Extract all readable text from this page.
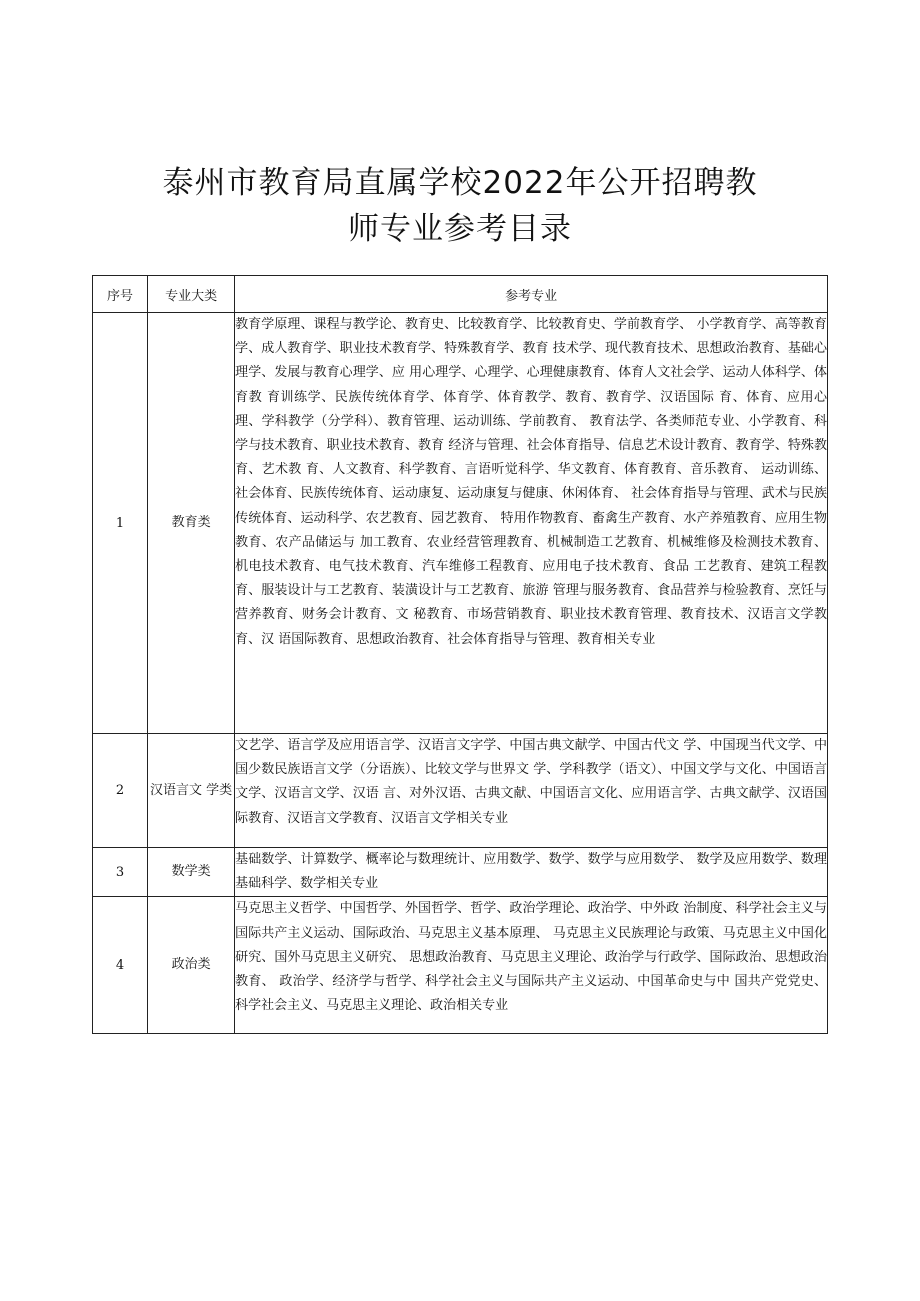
泰州市教育局直属学校2022年公开招聘教
师专业参考目录
序号	专业大类	参考专业
1	教育类	教育学原理、课程与教学论、教育史、比较教育学、比较教育史、学前教育学、 小学教育学、高等教育学、成人教育学、职业技术教育学、特殊教育学、教育 技术学、现代教育技术、思想政治教育、基础心理学、发展与教育心理学、应 用心理学、心理学、心理健康教育、体育人文社会学、运动人体科学、体育教 育训练学、民族传统体育学、体育学、体育教学、教育、教育学、汉语国际 育、体育、应用心理、学科教学（分学科）、教育管理、运动训练、学前教育、 教育法学、各类师范专业、小学教育、科学与技术教育、职业技术教育、教育 经济与管理、社会体育指导、信息艺术设计教育、教育学、特殊教育、艺术教 育、人文教育、科学教育、言语听觉科学、华文教育、体育教育、音乐教育、 运动训练、社会体育、民族传统体育、运动康复、运动康复与健康、休闲体育、 社会体育指导与管理、武术与民族传统体育、运动科学、农艺教育、园艺教育、 特用作物教育、畜禽生产教育、水产养殖教育、应用生物教育、农产品储运与 加工教育、农业经营管理教育、机械制造工艺教育、机械维修及检测技术教育、 机电技术教育、电气技术教育、汽车维修工程教育、应用电子技术教育、食品 工艺教育、建筑工程教育、服装设计与工艺教育、装潢设计与工艺教育、旅游 管理与服务教育、食品营养与检验教育、烹饪与营养教育、财务会计教育、文 秘教育、市场营销教育、职业技术教育管理、教育技术、汉语言文学教育、汉 语国际教育、思想政治教育、社会体育指导与管理、教育相关专业
2	汉语言文 学类	文艺学、语言学及应用语言学、汉语言文字学、中国古典文献学、中国古代文 学、中国现当代文学、中国少数民族语言文学（分语族）、比较文学与世界文 学、学科教学（语文）、中国文学与文化、中国语言文学、汉语言文学、汉语 言、对外汉语、古典文献、中国语言文化、应用语言学、古典文献学、汉语国 际教育、汉语言文学教育、汉语言文学相关专业
3	数学类	基础数学、计算数学、概率论与数理统计、应用数学、数学、数学与应用数学、 数学及应用数学、数理基础科学、数学相关专业
4	政治类	马克思主义哲学、中国哲学、外国哲学、哲学、政治学理论、政治学、中外政 治制度、科学社会主义与国际共产主义运动、国际政治、马克思主义基本原理、 马克思主义民族理论与政策、马克思主义中国化研究、国外马克思主义研究、 思想政治教育、马克思主义理论、政治学与行政学、国际政治、思想政治教育、 政治学、经济学与哲学、科学社会主义与国际共产主义运动、中国革命史与中 国共产党党史、科学社会主义、马克思主义理论、政治相关专业
